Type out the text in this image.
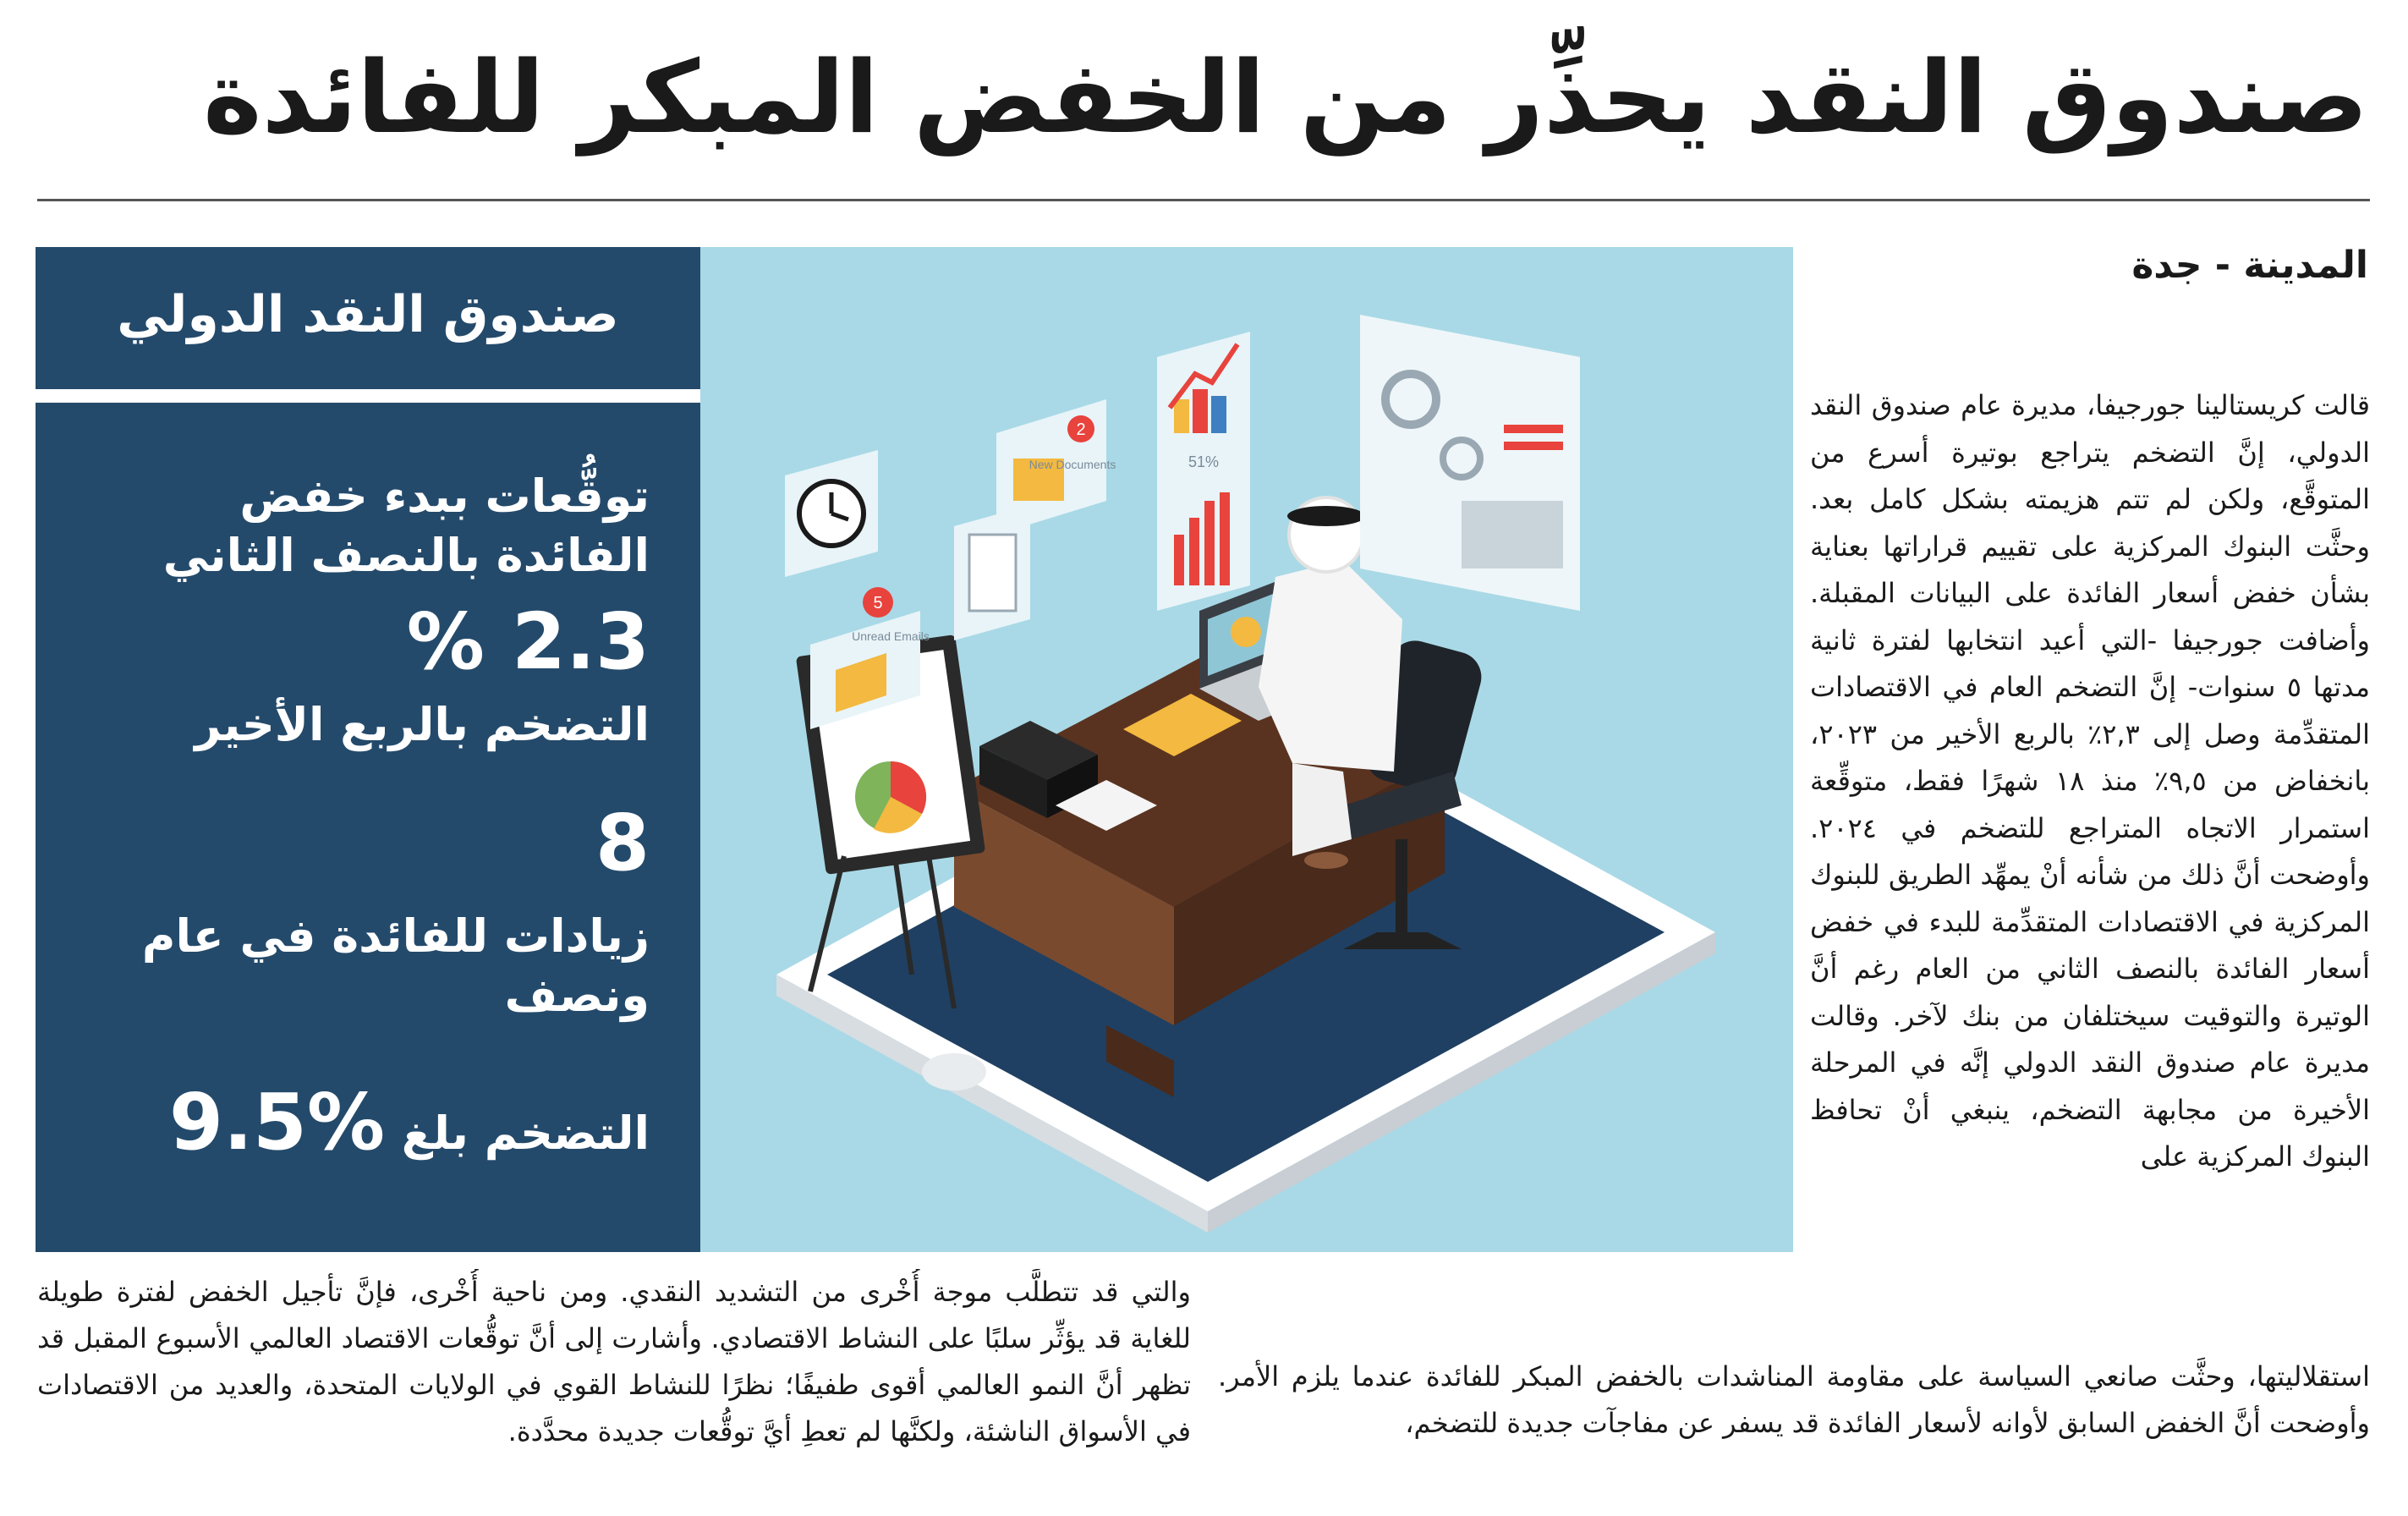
صندوق النقد يحذِّر من الخفض المبكر للفائدة
المدينة - جدة
صندوق النقد الدولي
توقُّعات ببدء خفض الفائدة بالنصف الثاني
2.3 %
التضخم بالربع الأخير
8
زيادات للفائدة في عام ونصف
التضخم بلغ %9.5
2
New Documents
5
Unread Emails
51%
قالت كريستالينا جورجيفا، مديرة عام صندوق النقد الدولي، إنَّ التضخم يتراجع بوتيرة أسرع من المتوقَّع، ولكن لم تتم هزيمته بشكل كامل بعد. وحثَّت البنوك المركزية على تقييم قراراتها بعناية بشأن خفض أسعار الفائدة على البيانات المقبلة. وأضافت جورجيفا -التي أعيد انتخابها لفترة ثانية مدتها ٥ سنوات- إنَّ التضخم العام في الاقتصادات المتقدِّمة وصل إلى ٢,٣٪ بالربع الأخير من ٢٠٢٣، بانخفاض من ٩,٥٪ منذ ١٨ شهرًا فقط، متوقِّعة استمرار الاتجاه المتراجع للتضخم في ٢٠٢٤. وأوضحت أنَّ ذلك من شأنه أنْ يمهِّد الطريق للبنوك المركزية في الاقتصادات المتقدِّمة للبدء في خفض أسعار الفائدة بالنصف الثاني من العام رغم أنَّ الوتيرة والتوقيت سيختلفان من بنك لآخر. وقالت مديرة عام صندوق النقد الدولي إنَّه في المرحلة الأخيرة من مجابهة التضخم، ينبغي أنْ تحافظ البنوك المركزية على
استقلاليتها، وحثَّت صانعي السياسة على مقاومة المناشدات بالخفض المبكر للفائدة عندما يلزم الأمر. وأوضحت أنَّ الخفض السابق لأوانه لأسعار الفائدة قد يسفر عن مفاجآت جديدة للتضخم،
والتي قد تتطلَّب موجة أُخْرى من التشديد النقدي. ومن ناحية أُخْرى، فإنَّ تأجيل الخفض لفترة طويلة للغاية قد يؤثِّر سلبًا على النشاط الاقتصادي. وأشارت إلى أنَّ توقُّعات الاقتصاد العالمي الأسبوع المقبل قد تظهر أنَّ النمو العالمي أقوى طفيفًا؛ نظرًا للنشاط القوي في الولايات المتحدة، والعديد من الاقتصادات في الأسواق الناشئة، ولكنَّها لم تعطِ أيَّ توقُّعات جديدة محدَّدة.
